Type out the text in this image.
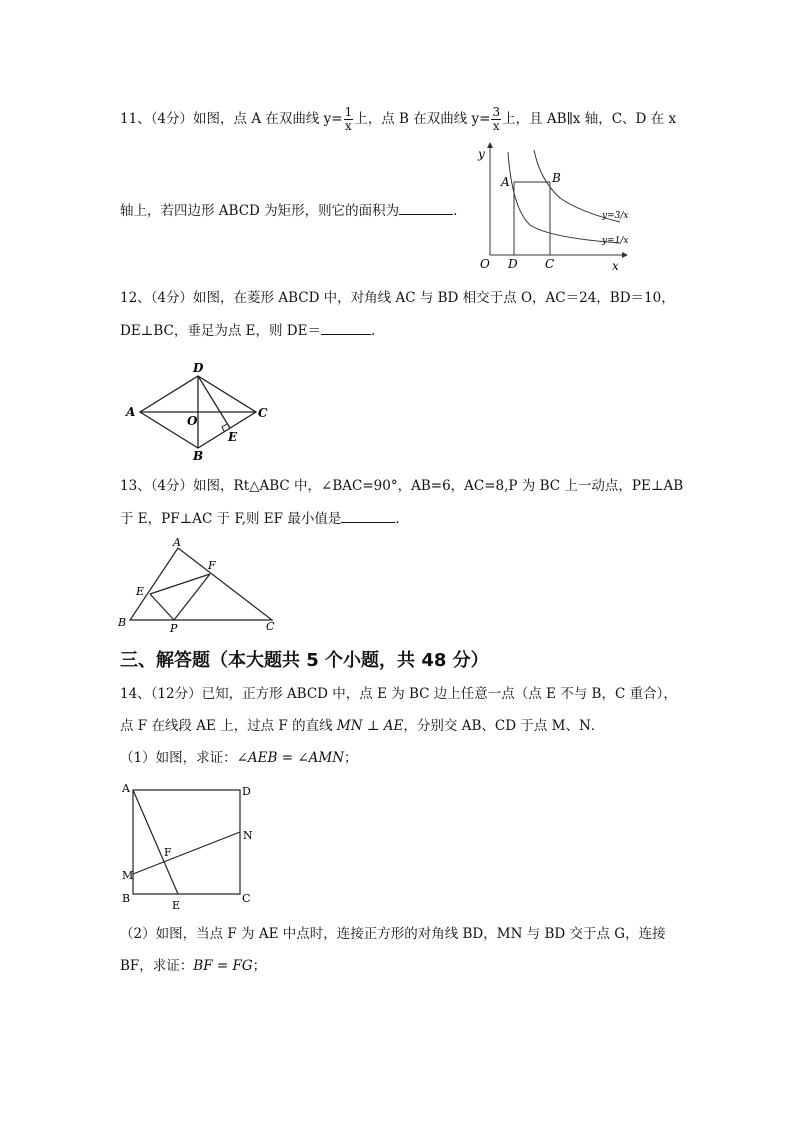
11、（4分）如图，点 A 在双曲线 $y= \frac{1}{x}$ 上，点 B 在双曲线 $y= \frac{3}{x}$ 上，且 AB∥x 轴，C、D 在 x
轴上，若四边形 ABCD 为矩形，则它的面积为	.
y
x
O
A	B
D C
y=3/x
y=1/x
12、（4分）如图，在菱形 ABCD 中，对角线 AC 与 BD 相交于点 O，AC＝24，BD＝10，
DE⊥BC，垂足为点 E，则 DE＝	.
D
A	C
O
B
E
13、（4分）如图，Rt△ABC 中，∠BAC=90°，AB=6，AC=8,P 为 BC 上一动点，PE⊥AB
于 E，PF⊥AC 于 F,则 EF 最小值是	.
A
B	C
E
F
P
三、解答题（本大题共 5 个小题，共 48 分）
14、（12分）已知，正方形 ABCD 中，点 E 为 BC 边上任意一点（点 E 不与 B，C 重合），
点 F 在线段 AE 上，过点 F 的直线 MN ⊥ AE，分别交 AB、CD 于点 M、N．
（1）如图，求证：∠AEB = ∠AMN；
A	D
N
F
M
B	C
E
（2）如图，当点 F 为 AE 中点时，连接正方形的对角线 BD，MN 与 BD 交于点 G，连接
BF，求证：BF = FG；
